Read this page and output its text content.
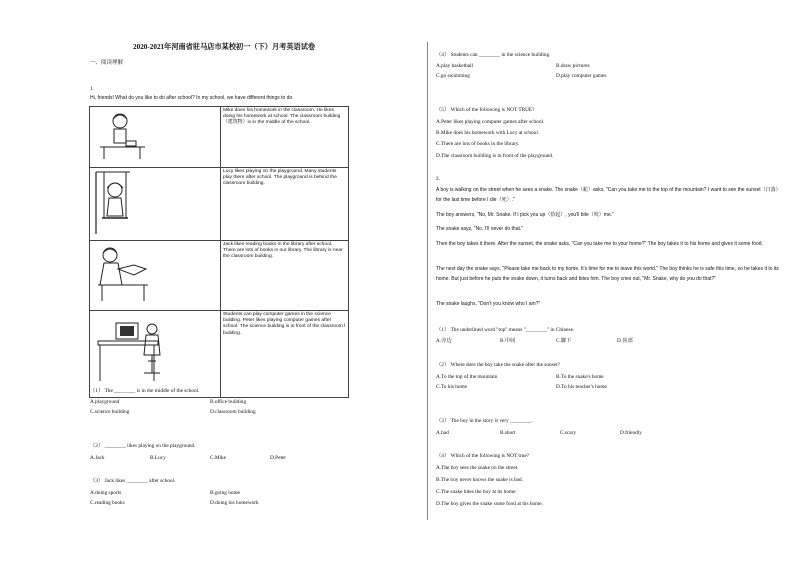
2020-2021年河南省驻马店市某校初一（下）月考英语试卷
一、阅读理解
1.
Hi, friends! What do you like to do after school? In my school, we have different things to do.

Mike does his homework in the classroom. He likes doing his homework at school. The classroom building（建筑物）is in the middle of the school.

Lucy likes playing on the playground. Many students play there after school. The playground is behind the classroom building.

Jack likes reading books in the library after school. There are lots of books in our library. The library is near the classroom building.

Students can play computer games in the science building. Peter likes playing computer games after school. The science building is in front of the classroom l building.
（1） The ________ is in the middle of the school.
A.playground	B.office building
C.science building	D.classroom building
（2） ________ likes playing on the playground.
A.Jack	B.Lucy	C.Mike	D.Peter
（3） Jack likes ________ after school.
A.doing sports	B.going home
C.reading books	D.doing his homework
（4） Students can ________ in the science building.
A.play basketball	B.draw pictures
C.go swimming	D.play computer games
（5） Which of the following is NOT TRUE?
A.Peter likes playing computer games after school.
B.Mike does his homework with Lucy at school.
C.There are lots of books in the library.
D.The classroom building is in front of the playground.
2.
A boy is walking on the street when he sees a snake. The snake（蛇）asks, "Can you take me to the top of the mountain? I want to see the sunset（日落）for the last time before I die（死）."
The boy answers, "No, Mr. Snake. If I pick you up（拾起）, you'll bite（咬）me."
The snake says, "No, I'll never do that."
Then the boy takes it there. After the sunset, the snake asks, "Can you take me to your home?" The boy takes it to his home and gives it some food.
The next day the snake says, "Please take me back to my home. It's time for me to leave this world." The boy thinks he is safe this time, so he takes it to its home. But just before he puts the snake down, it turns back and bites him. The boy cries out, "Mr. Snake, why do you do that?"
The snake laughs, "Don't you know who I am?"
（1） The underlined word "top" means "________" in Chinese.
A.旁边	B.中间	C.脚下	D.顶部
（2） Where does the boy take the snake after the sunset?
A.To the top of the mountain	B.To the snake's home
C.To his home	D.To his teacher's home
（3） The boy in the story is very ________.
A.bad	B.short	C.scary	D.friendly
（4） Which of the following is NOT true?
A.The boy sees the snake on the street.
B.The boy never knows the snake is bad.
C.The snake bites the boy at its home.
D.The boy gives the snake some food at his home.
